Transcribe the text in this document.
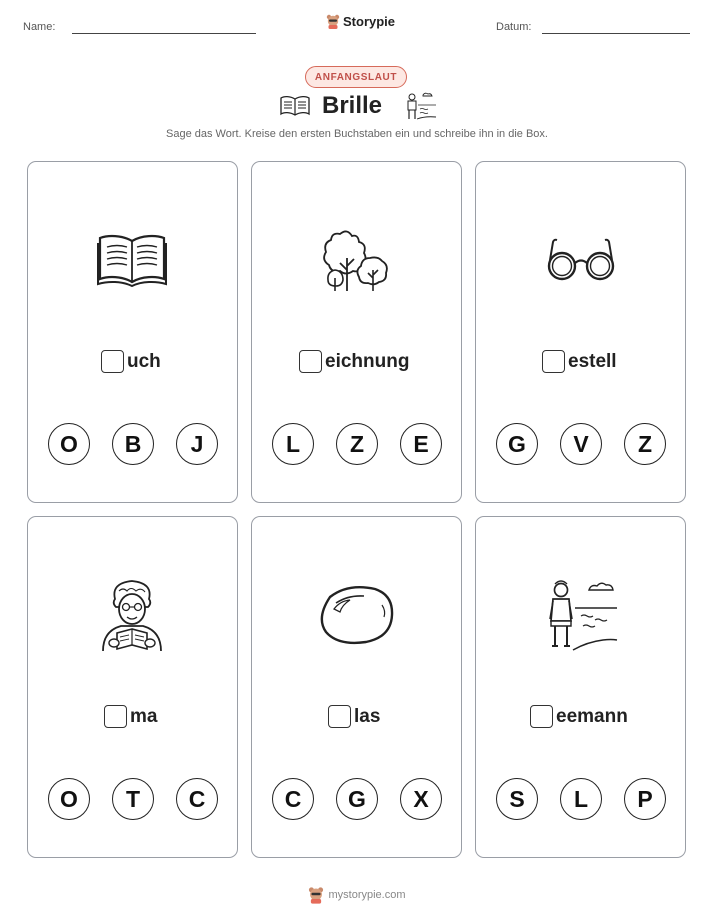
Name:	Storypie	Datum:
ANFANGSLAUT
Brille
Sage das Wort. Kreise den ersten Buchstaben ein und schreibe ihn in die Box.
uch
O	B	J
eichnung
L	Z	E
estell
G	V	Z
ma
O	T	C
las
C	G	X
eemann
S	L	P
mystorypie.com
